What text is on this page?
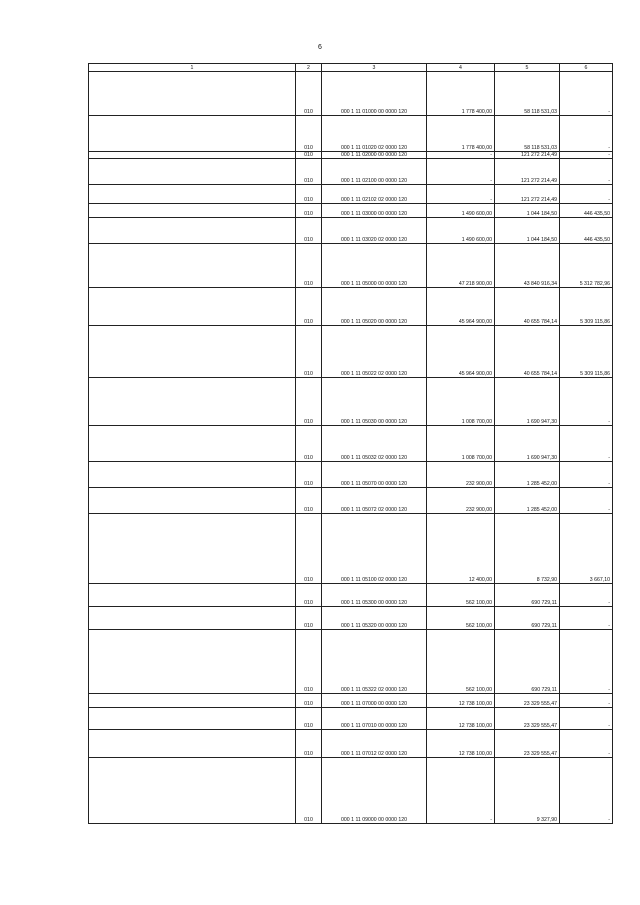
6
1	2	3	4	5	6
	010	000 1 11 01000 00 0000 120	1 778 400,00	58 118 531,03	-
	010	000 1 11 01020 02 0000 120	1 778 400,00	58 118 531,03	-
	010	000 1 11 02000 00 0000 120	-	121 272 214,49	-
	010	000 1 11 02100 00 0000 120	-	121 272 214,49	-
	010	000 1 11 02102 02 0000 120	-	121 272 214,49	-
	010	000 1 11 03000 00 0000 120	1 490 600,00	1 044 184,50	446 435,50
	010	000 1 11 03020 02 0000 120	1 490 600,00	1 044 184,50	446 435,50
	010	000 1 11 05000 00 0000 120	47 218 900,00	43 840 916,34	5 312 782,96
	010	000 1 11 05020 00 0000 120	45 964 900,00	40 655 784,14	5 309 115,86
	010	000 1 11 05022 02 0000 120	45 964 900,00	40 655 784,14	5 309 115,86
	010	000 1 11 05030 00 0000 120	1 008 700,00	1 690 947,30	-
	010	000 1 11 05032 02 0000 120	1 008 700,00	1 690 947,30	-
	010	000 1 11 05070 00 0000 120	232 900,00	1 285 452,00	-
	010	000 1 11 05072 02 0000 120	232 900,00	1 285 452,00	-
	010	000 1 11 05100 02 0000 120	12 400,00	8 732,90	3 667,10
	010	000 1 11 05300 00 0000 120	562 100,00	690 729,11	-
	010	000 1 11 05320 00 0000 120	562 100,00	690 729,11	-
	010	000 1 11 05322 02 0000 120	562 100,00	690 729,11	-
	010	000 1 11 07000 00 0000 120	12 738 100,00	23 329 555,47	-
	010	000 1 11 07010 00 0000 120	12 738 100,00	23 329 555,47	-
	010	000 1 11 07012 02 0000 120	12 738 100,00	23 329 555,47	-
	010	000 1 11 09000 00 0000 120	-	9 327,90	-
